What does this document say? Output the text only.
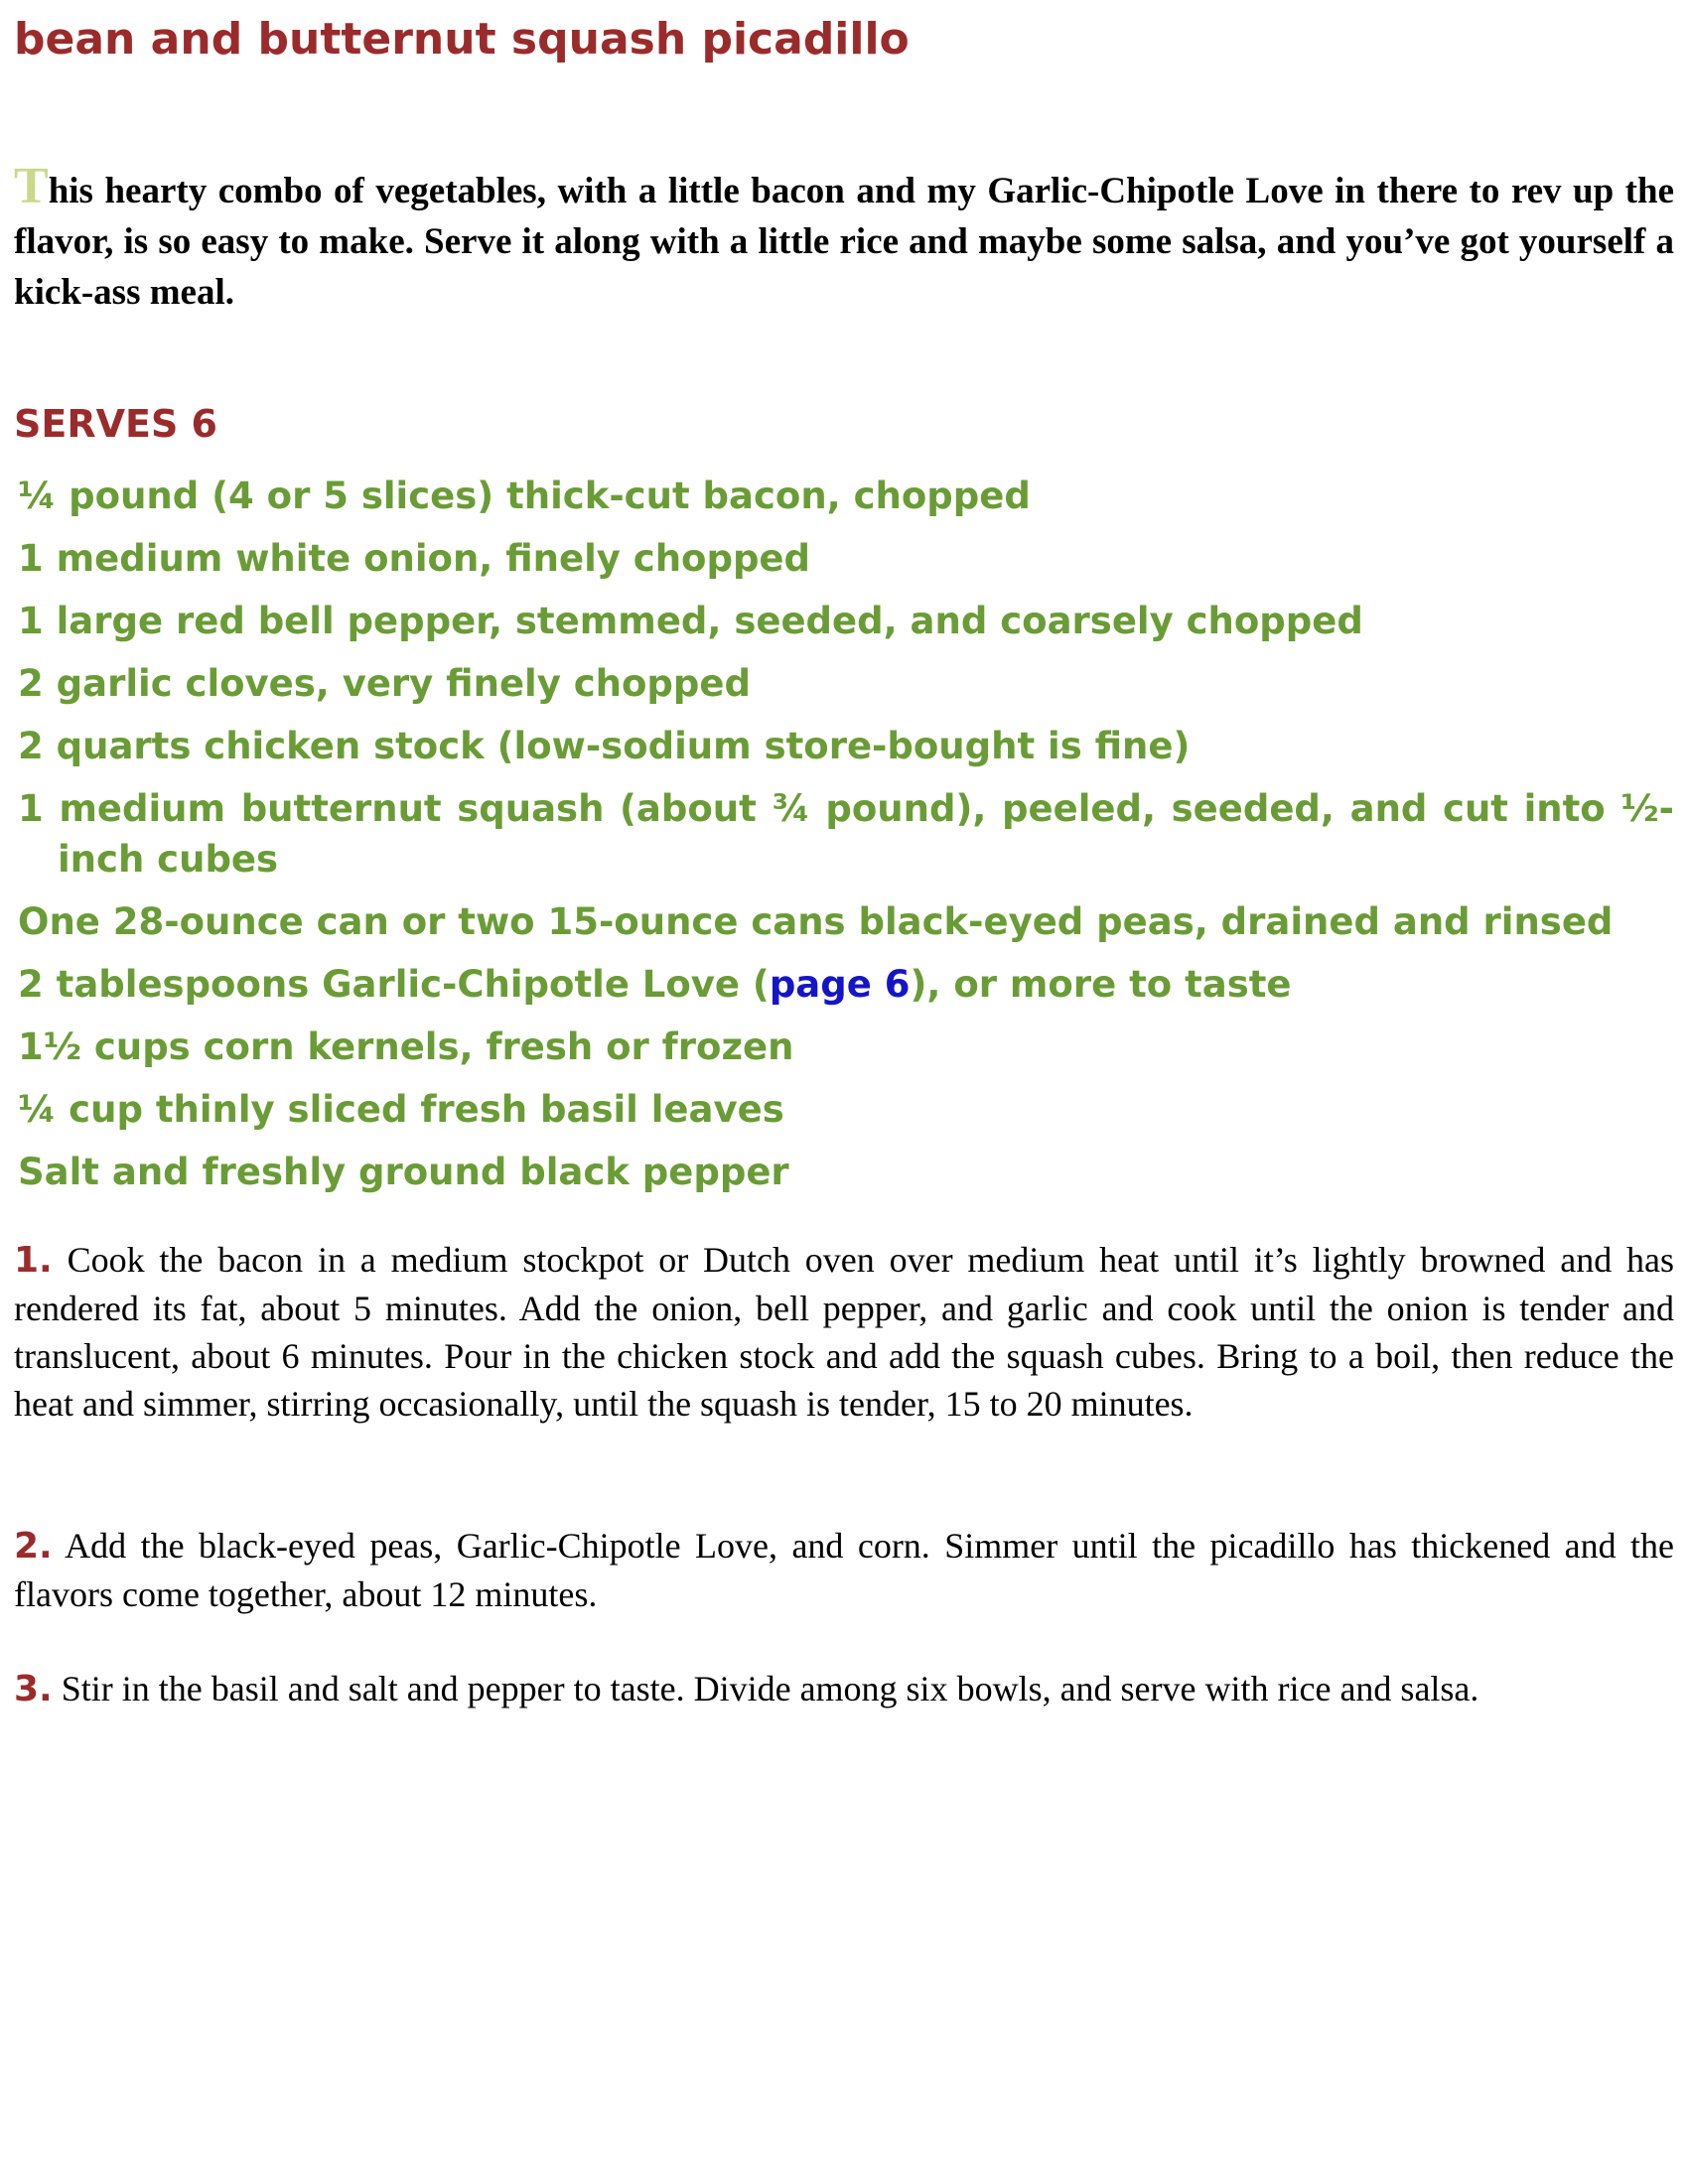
bean and butternut squash picadillo

This hearty combo of vegetables, with a little bacon and my Garlic-Chipotle Love in there to rev up the flavor, is so easy to make. Serve it along with a little rice and maybe some salsa, and you’ve got yourself a kick-ass meal.

SERVES 6
¼ pound (4 or 5 slices) thick-cut bacon, chopped
1 medium white onion, finely chopped
1 large red bell pepper, stemmed, seeded, and coarsely chopped
2 garlic cloves, very finely chopped
2 quarts chicken stock (low-sodium store-bought is fine)
1 medium butternut squash (about ¾ pound), peeled, seeded, and cut into ½-inch cubes
One 28-ounce can or two 15-ounce cans black-eyed peas, drained and rinsed
2 tablespoons Garlic-Chipotle Love (page 6), or more to taste
1½ cups corn kernels, fresh or frozen
¼ cup thinly sliced fresh basil leaves
Salt and freshly ground black pepper

1. Cook the bacon in a medium stockpot or Dutch oven over medium heat until it’s lightly browned and has rendered its fat, about 5 minutes. Add the onion, bell pepper, and garlic and cook until the onion is tender and translucent, about 6 minutes. Pour in the chicken stock and add the squash cubes. Bring to a boil, then reduce the heat and simmer, stirring occasionally, until the squash is tender, 15 to 20 minutes.

2. Add the black-eyed peas, Garlic-Chipotle Love, and corn. Simmer until the picadillo has thickened and the flavors come together, about 12 minutes.

3. Stir in the basil and salt and pepper to taste. Divide among six bowls, and serve with rice and salsa.
